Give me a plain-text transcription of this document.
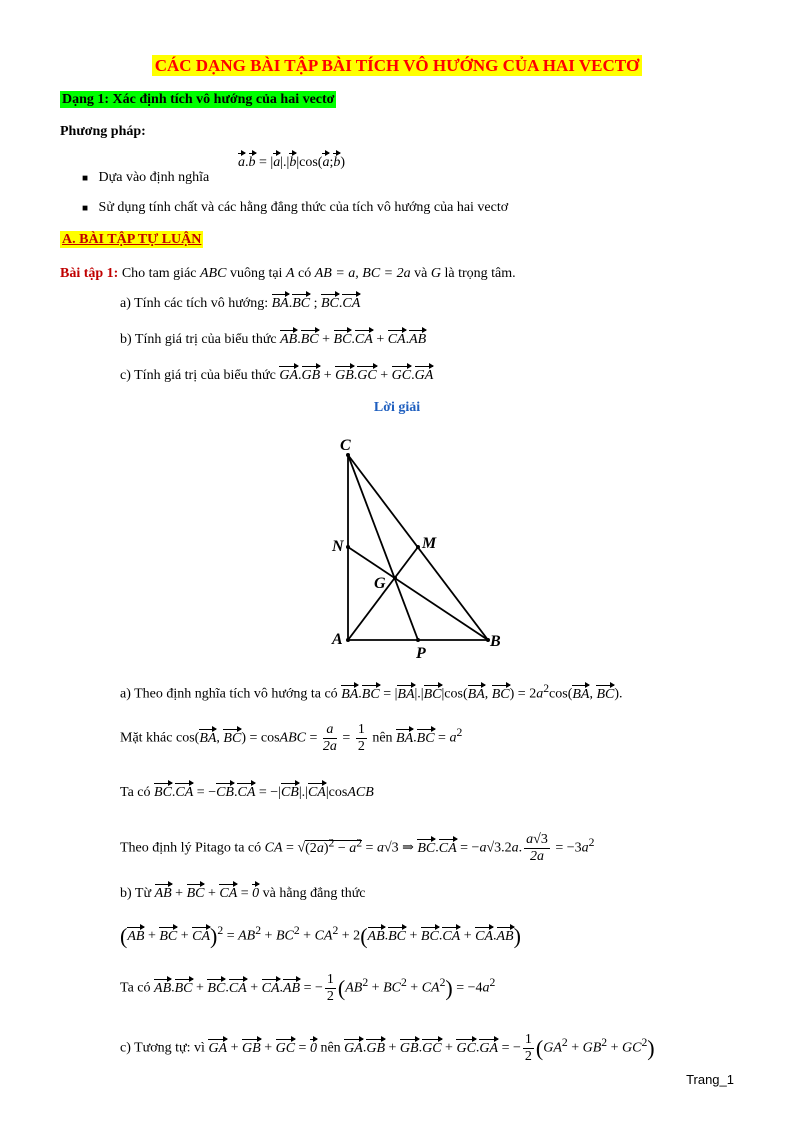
CÁC DẠNG BÀI TẬP BÀI TÍCH VÔ HƯỚNG CỦA HAI VECTƠ
Dạng 1: Xác định tích vô hướng của hai vectơ
Phương pháp:
■ Dựa vào định nghĩa
a.b = |a|.|b|cos(a;b)
■ Sử dụng tính chất và các hằng đẳng thức của tích vô hướng của hai vectơ
A. BÀI TẬP TỰ LUẬN
Bài tập 1: Cho tam giác ABC vuông tại A có AB = a, BC = 2a và G là trọng tâm.
a) Tính các tích vô hướng: BA.BC ; BC.CA
b) Tính giá trị của biểu thức AB.BC + BC.CA + CA.AB
c) Tính giá trị của biểu thức GA.GB + GB.GC + GC.GA
Lời giải
C
N	M
G
A
P
B
a) Theo định nghĩa tích vô hướng ta có BA.BC = |BA|.|BC|cos(BA, $BC) = 2a^2\cos(BA$, BC).
Mặt khác cos(BA, BC) = cosABC = $\frac{a}{2a} = \frac{1}{2}$ nên $BA.BC = a^2$
Ta có BC.CA = −CB.CA = −|CB|.|CA|cosACB
Theo định lý Pitago ta có CA = $√(2a)^2 - a^2 = a√3$ ⇒ BC.CA = −a√3.2a. $\frac{a√3}{2a} = -3a^2$
b) Từ AB + BC + CA = 0 và hằng đẳng thức
(AB + BC + $CA)^2 = AB^2 + BC^2 + CA^2 + 2(AB.BC + BC.CA + CA.AB)$
Ta có AB.BC + BC.CA + CA.AB = − $\frac{1}{2} (AB^2 + BC^2 + CA^2) = -4a^2$
c) Tương tự: vì GA + GB + GC = 0 nên GA.GB + GB.GC + GC.GA = − $\frac{1}{2} (GA^2 + GB^2 + GC^2)$
Trang_1
